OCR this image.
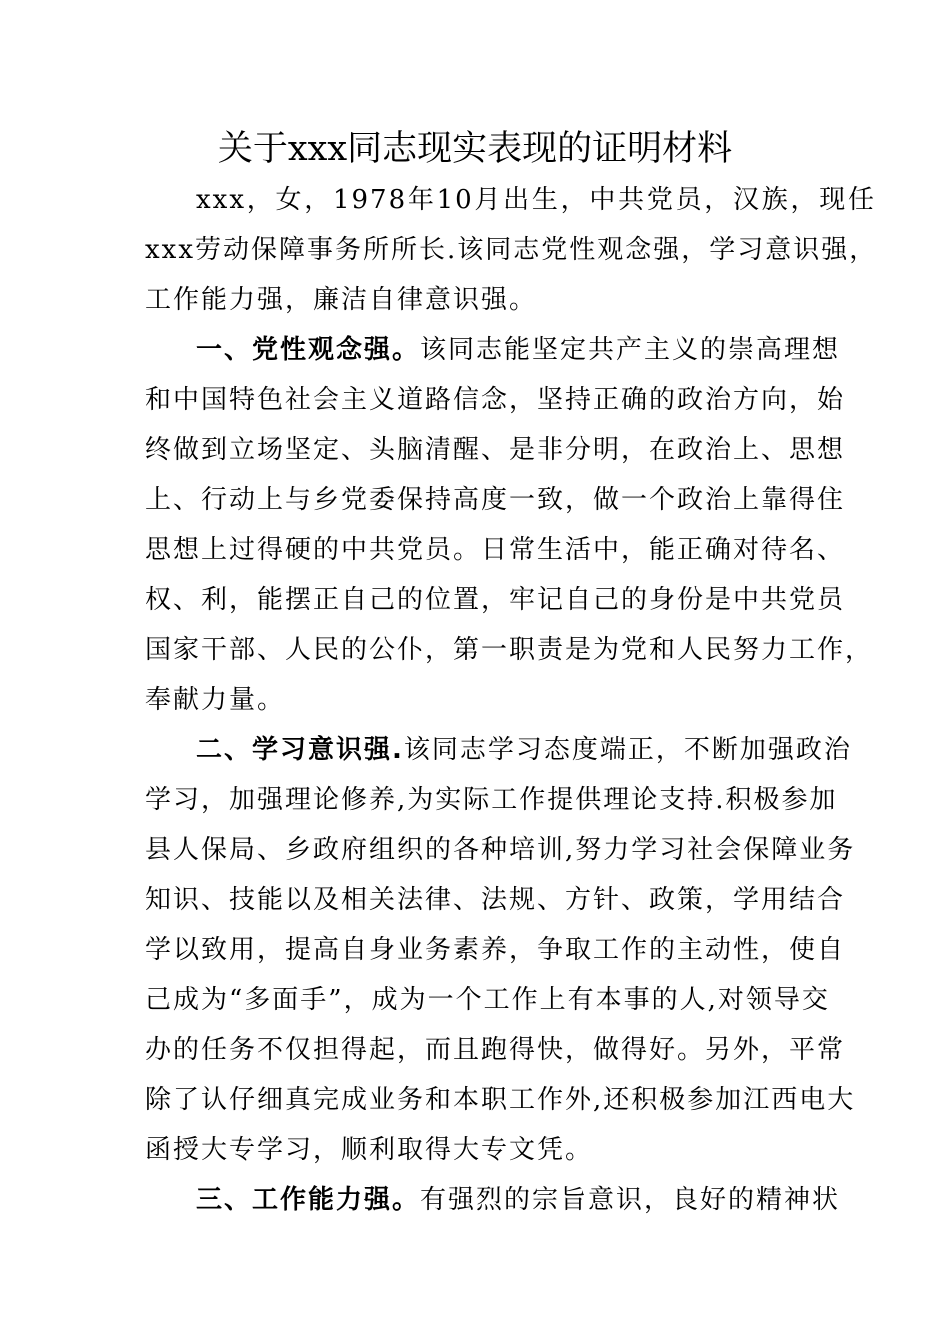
关于xxx同志现实表现的证明材料
xxx，女，1978年10月出生，中共党员，汉族，现任
xxx劳动保障事务所所长.该同志党性观念强，学习意识强，
工作能力强，廉洁自律意识强。
一、党性观念强。该同志能坚定共产主义的崇高理想
和中国特色社会主义道路信念，坚持正确的政治方向，始
终做到立场坚定、头脑清醒、是非分明，在政治上、思想
上、行动上与乡党委保持高度一致，做一个政治上靠得住
思想上过得硬的中共党员。日常生活中，能正确对待名、
权、利，能摆正自己的位置，牢记自己的身份是中共党员
国家干部、人民的公仆，第一职责是为党和人民努力工作，
奉献力量。
二、学习意识强.该同志学习态度端正，不断加强政治
学习，加强理论修养,为实际工作提供理论支持.积极参加
县人保局、乡政府组织的各种培训,努力学习社会保障业务
知识、技能以及相关法律、法规、方针、政策，学用结合
学以致用，提高自身业务素养，争取工作的主动性，使自
己成为“多面手”，成为一个工作上有本事的人,对领导交
办的任务不仅担得起，而且跑得快，做得好。另外，平常
除了认仔细真完成业务和本职工作外,还积极参加江西电大
函授大专学习，顺利取得大专文凭。
三、工作能力强。有强烈的宗旨意识，良好的精神状
